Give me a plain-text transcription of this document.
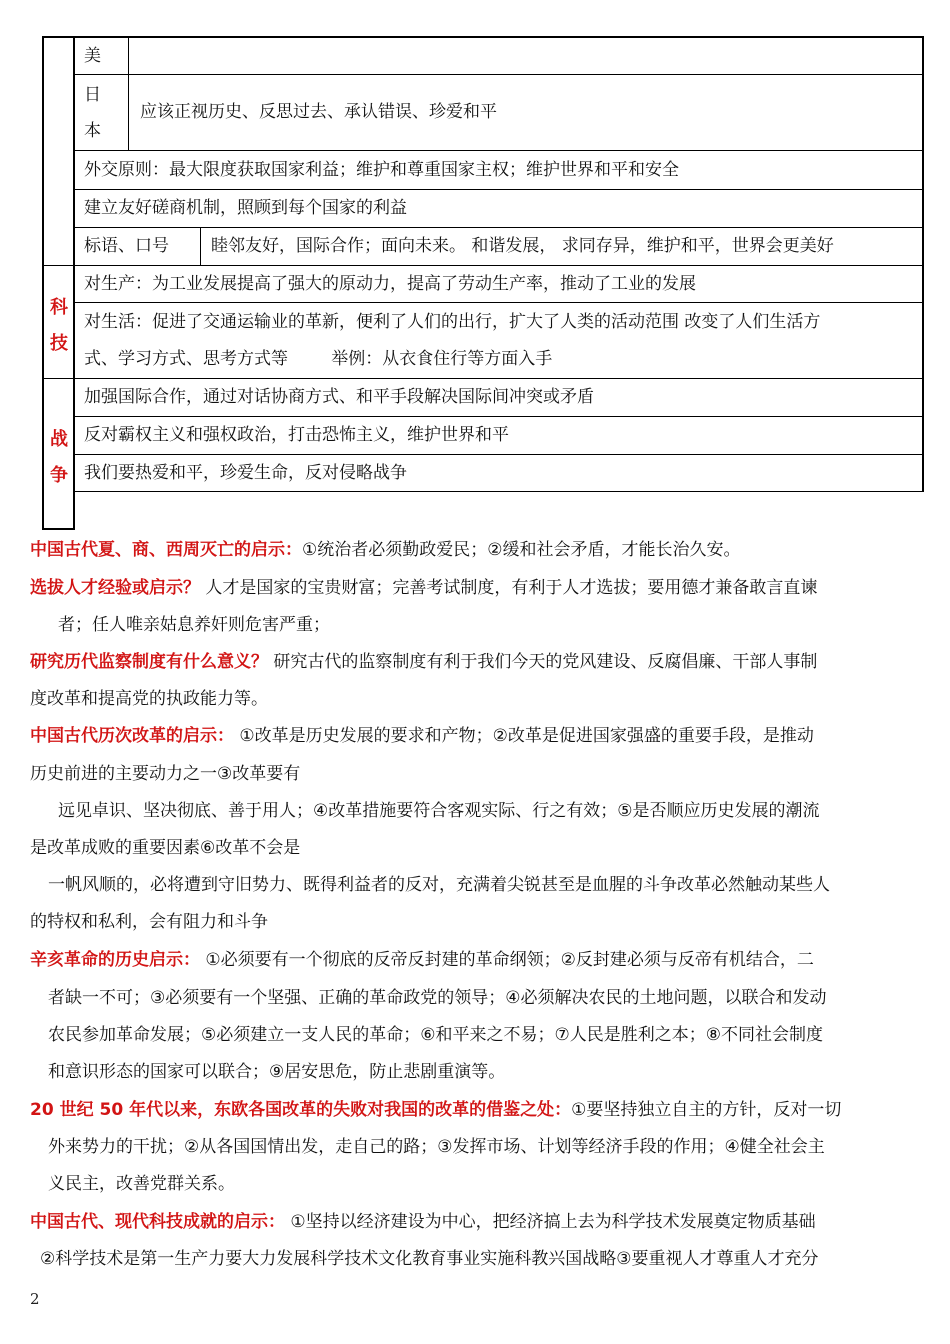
美
日
本
应该正视历史、反思过去、承认错误、珍爱和平
外交原则：最大限度获取国家利益；维护和尊重国家主权；维护世界和平和安全
建立友好磋商机制，照顾到每个国家的利益
标语、口号 睦邻友好，国际合作；面向未来。 和谐发展， 求同存异，维护和平，世界会更美好
科
技
对生产：为工业发展提高了强大的原动力，提高了劳动生产率，推动了工业的发展
对生活：促进了交通运输业的革新，便利了人们的出行，扩大了人类的活动范围 改变了人们生活方
式、学习方式、思考方式等        举例：从衣食住行等方面入手
战
争
加强国际合作，通过对话协商方式、和平手段解决国际间冲突或矛盾
反对霸权主义和强权政治，打击恐怖主义，维护世界和平
我们要热爱和平，珍爱生命，反对侵略战争
中国古代夏、商、西周灭亡的启示：①统治者必须勤政爱民；②缓和社会矛盾，才能长治久安。
选拔人才经验或启示？ 人才是国家的宝贵财富；完善考试制度，有利于人才选拔；要用德才兼备敢言直谏
者；任人唯亲姑息养奸则危害严重；
研究历代监察制度有什么意义？ 研究古代的监察制度有利于我们今天的党风建设、反腐倡廉、干部人事制
度改革和提高党的执政能力等。
中国古代历次改革的启示： ①改革是历史发展的要求和产物；②改革是促进国家强盛的重要手段，是推动
历史前进的主要动力之一③改革要有
远见卓识、坚决彻底、善于用人；④改革措施要符合客观实际、行之有效；⑤是否顺应历史发展的潮流
是改革成败的重要因素⑥改革不会是
一帆风顺的，必将遭到守旧势力、既得利益者的反对，充满着尖锐甚至是血腥的斗争改革必然触动某些人
的特权和私利，会有阻力和斗争
辛亥革命的历史启示： ①必须要有一个彻底的反帝反封建的革命纲领；②反封建必须与反帝有机结合，二
者缺一不可；③必须要有一个坚强、正确的革命政党的领导；④必须解决农民的土地问题，以联合和发动
农民参加革命发展；⑤必须建立一支人民的革命；⑥和平来之不易；⑦人民是胜利之本；⑧不同社会制度
和意识形态的国家可以联合；⑨居安思危，防止悲剧重演等。
20 世纪 50 年代以来，东欧各国改革的失败对我国的改革的借鉴之处：①要坚持独立自主的方针，反对一切
外来势力的干扰；②从各国国情出发，走自己的路；③发挥市场、计划等经济手段的作用；④健全社会主
义民主，改善党群关系。
中国古代、现代科技成就的启示： ①坚持以经济建设为中心，把经济搞上去为科学技术发展奠定物质基础
②科学技术是第一生产力要大力发展科学技术文化教育事业实施科教兴国战略③要重视人才尊重人才充分
2
